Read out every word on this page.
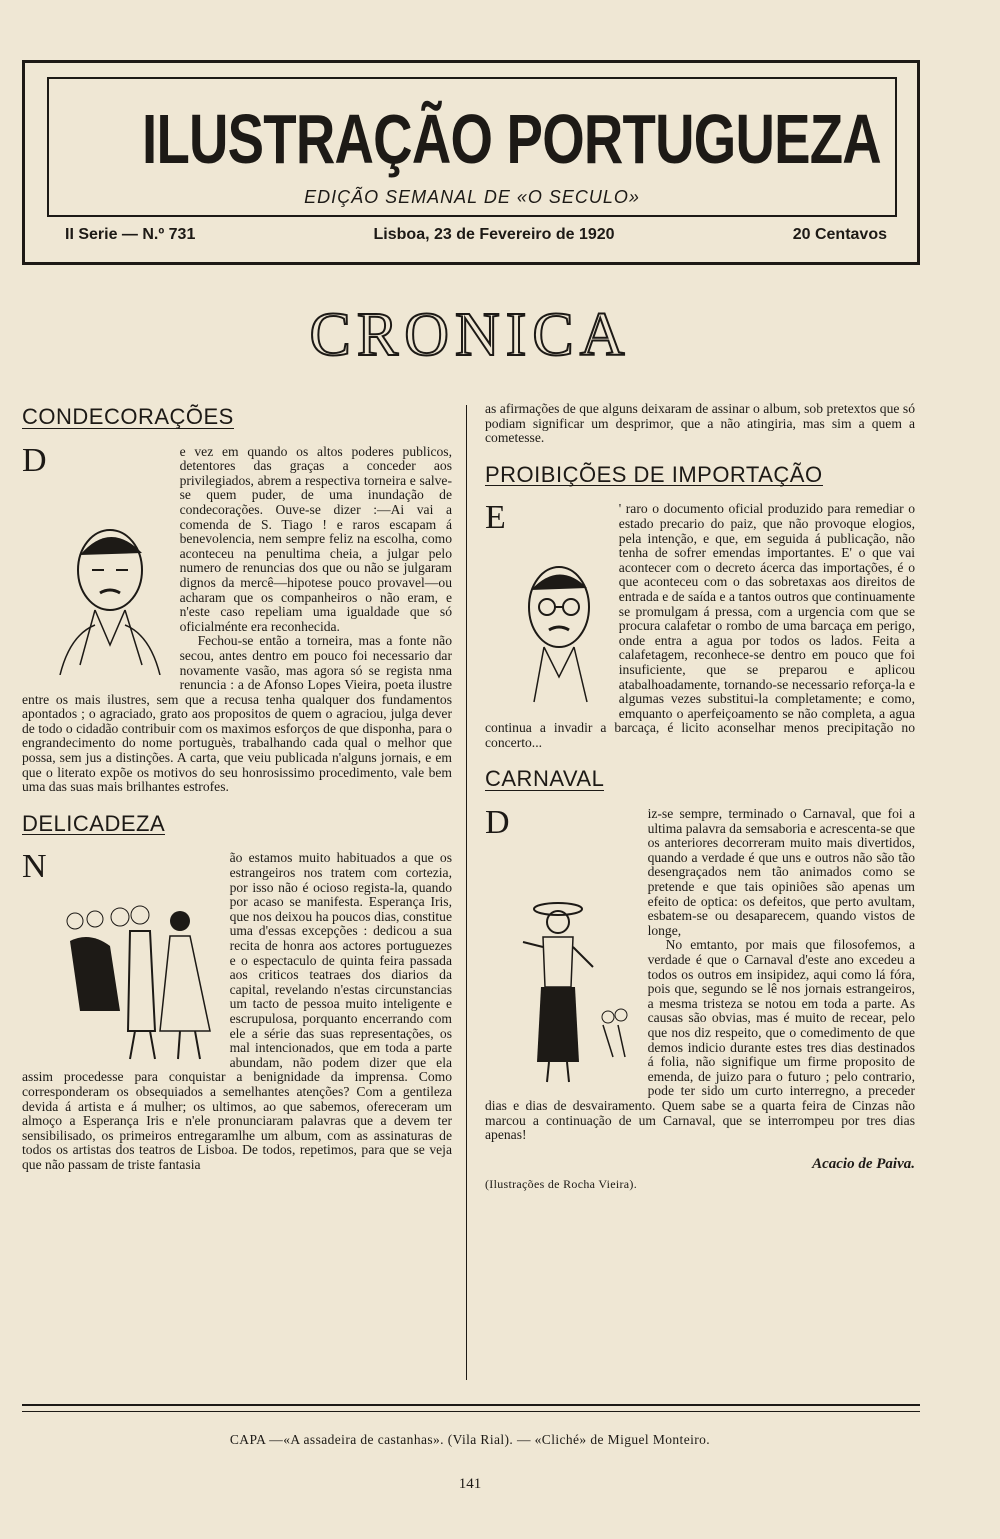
ILUSTRAÇÃO PORTUGUEZA
EDIÇÃO SEMANAL DE «O SECULO»
II Serie — N.º 731	Lisboa, 23 de Fevereiro de 1920	20 Centavos
CRONICA
CONDECORAÇÕES

D	e vez em quando os altos poderes publicos, detentores das graças a conceder aos privilegiados, abrem a respectiva torneira e salve-se quem puder, de uma inundação de condecorações. Ouve-se dizer :—Ai vai a comenda de S. Tiago ! e raros escapam á benevolencia, nem sempre feliz na escolha, como aconteceu na penultima cheia, a julgar pelo numero de renuncias dos que ou não se julgaram dignos da mercê—hipotese pouco provavel—ou acharam que os companheiros o não eram, e n'este caso repeliam uma igualdade que só oficialménte era reconhecida.

Fechou-se então a torneira, mas a fonte não secou, antes dentro em pouco foi necessario dar novamente vasão, mas agora só se regista nma renuncia : a de Afonso Lopes Vieira, poeta ilustre entre os mais ilustres, sem que a recusa tenha qualquer dos fundamentos apontados ; o agraciado, grato aos propositos de quem o agraciou, julga dever de todo o cidadão contribuir com os maximos esforços de que disponha, para o engrandecimento do nome portuguès, trabalhando cada qual o melhor que possa, sem jus a distinções. A carta, que veiu publicada n'alguns jornais, e em que o literato expõe os motivos do seu honrosissimo procedimento, vale bem uma das suas mais brilhantes estrofes.

DELICADEZA

N	ão estamos muito habituados a que os estrangeiros nos tratem com cortezia, por isso não é ocioso regista-la, quando por acaso se manifesta. Esperança Iris, que nos deixou ha poucos dias, constitue uma d'essas excepções : dedicou a sua recita de honra aos actores portuguezes e o espectaculo de quinta feira passada aos criticos teatraes dos diarios da capital, revelando n'estas circunstancias um tacto de pessoa muito inteligente e escrupulosa, porquanto encerrando com ele a série das suas representações, os mal intencionados, que em toda a parte abundam, não podem dizer que ela assim procedesse para conquistar a benignidade da imprensa. Como corresponderam os obsequiados a semelhantes atenções? Com a gentileza devida á artista e á mulher; os ultimos, ao que sabemos, ofereceram um almoço a Esperança Iris e n'ele pronunciaram palavras que a devem ter sensibilisado, os primeiros entregaramlhe um album, com as assinaturas de todos os artistas dos teatros de Lisboa. De todos, repetimos, para que se veja que não passam de triste fantasia

as afirmações de que alguns deixaram de assinar o album, sob pretextos que só podiam significar um desprimor, que a não atingiria, mas sim a quem a cometesse.

PROIBIÇÕES DE IMPORTAÇÃO

E	' raro o documento oficial produzido para remediar o estado precario do paiz, que não provoque elogios, pela intenção, e que, em seguida á publicação, não tenha de sofrer emendas importantes. E' o que vai acontecer com o decreto ácerca das importações, é o que aconteceu com o das sobretaxas aos direitos de entrada e de saída e a tantos outros que continuamente se promulgam á pressa, com a urgencia com que se procura calafetar o rombo de uma barcaça em perigo, onde entra a agua por todos os lados. Feita a calafetagem, reconhece-se dentro em pouco que foi insuficiente, que se preparou e aplicou atabalhoadamente, tornando-se necessario reforça-la e algumas vezes substitui-la completamente; e como, emquanto o aperfeiçoamento se não completa, a agua continua a invadir a barcaça, é licito aconselhar menos precipitação no concerto...

CARNAVAL

D	iz-se sempre, terminado o Carnaval, que foi a ultima palavra da semsaboria e acrescenta-se que os anteriores decorreram muito mais divertidos, quando a verdade é que uns e outros não são tão desengraçados nem tão animados como se pretende e que tais opiniões são apenas um efeito de optica: os defeitos, que perto avultam, esbatem-se ou desaparecem, quando vistos de longe,

No emtanto, por mais que filosofemos, a verdade é que o Carnaval d'este ano excedeu a todos os outros em insipidez, aqui como lá fóra, pois que, segundo se lê nos jornais estrangeiros, a mesma tristeza se notou em toda a parte. As causas são obvias, mas é muito de recear, pelo que nos diz respeito, que o comedimento de que demos indicio durante estes tres dias destinados á folia, não signifique um firme proposito de emenda, de juizo para o futuro ; pelo contrario, pode ter sido um curto interregno, a preceder dias e dias de desvairamento. Quem sabe se a quarta feira de Cinzas não marcou a continuação de um Carnaval, que se interrompeu por tres dias apenas!

Acacio de Paiva.
(Ilustrações de Rocha Vieira).
CAPA —«A assadeira de castanhas». (Vila Rial). — «Cliché» de Miguel Monteiro.
141
